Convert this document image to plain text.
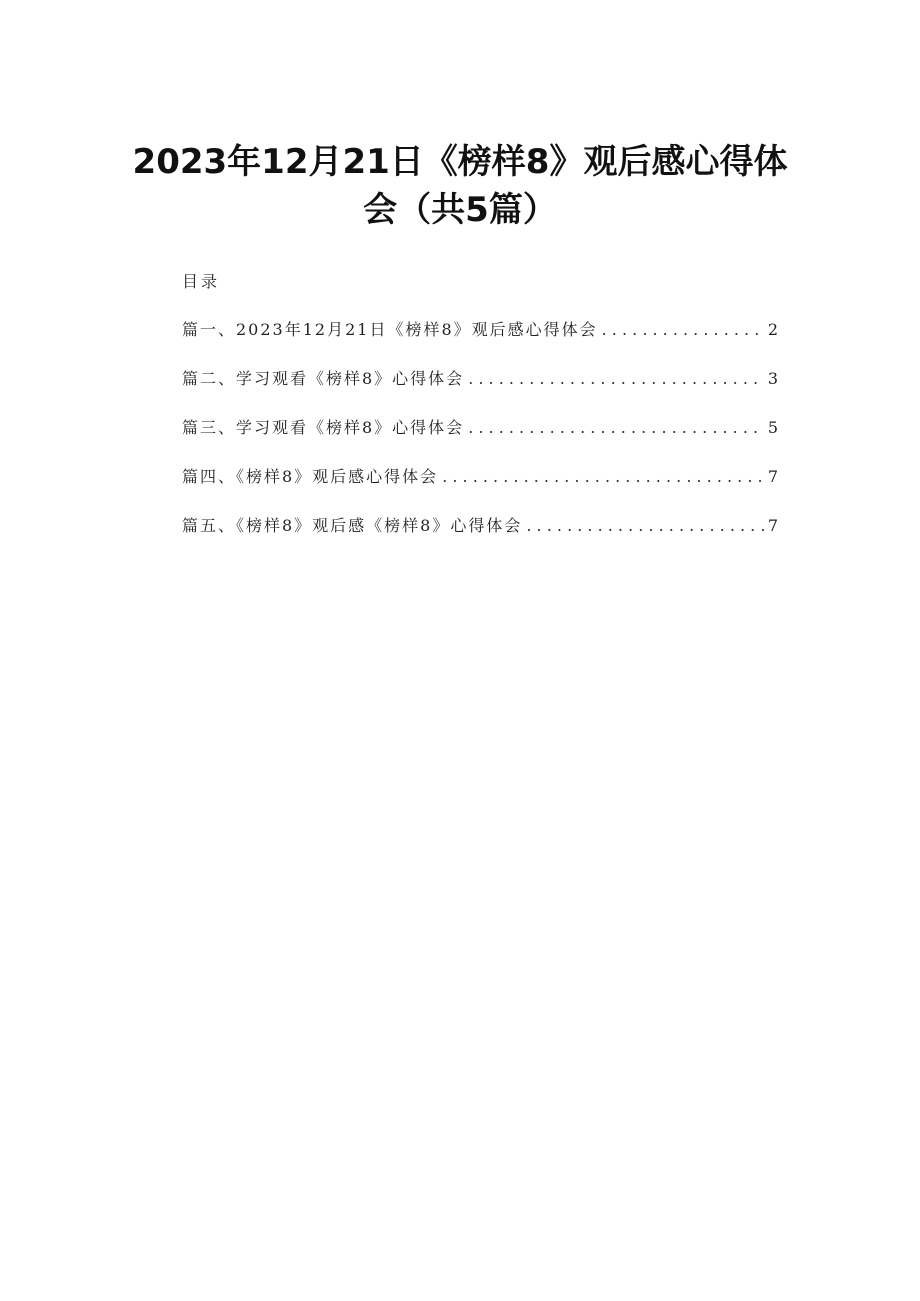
2023年12月21日《榜样8》观后感心得体
会（共5篇）
目录
篇一、2023年12月21日《榜样8》观后感心得体会 . . .	2
篇二、学习观看《榜样8》心得体会 . . .	3
篇三、学习观看《榜样8》心得体会 . . .	5
篇四、《榜样8》观后感心得体会 . . .	7
篇五、《榜样8》观后感《榜样8》心得体会 . . .	7
